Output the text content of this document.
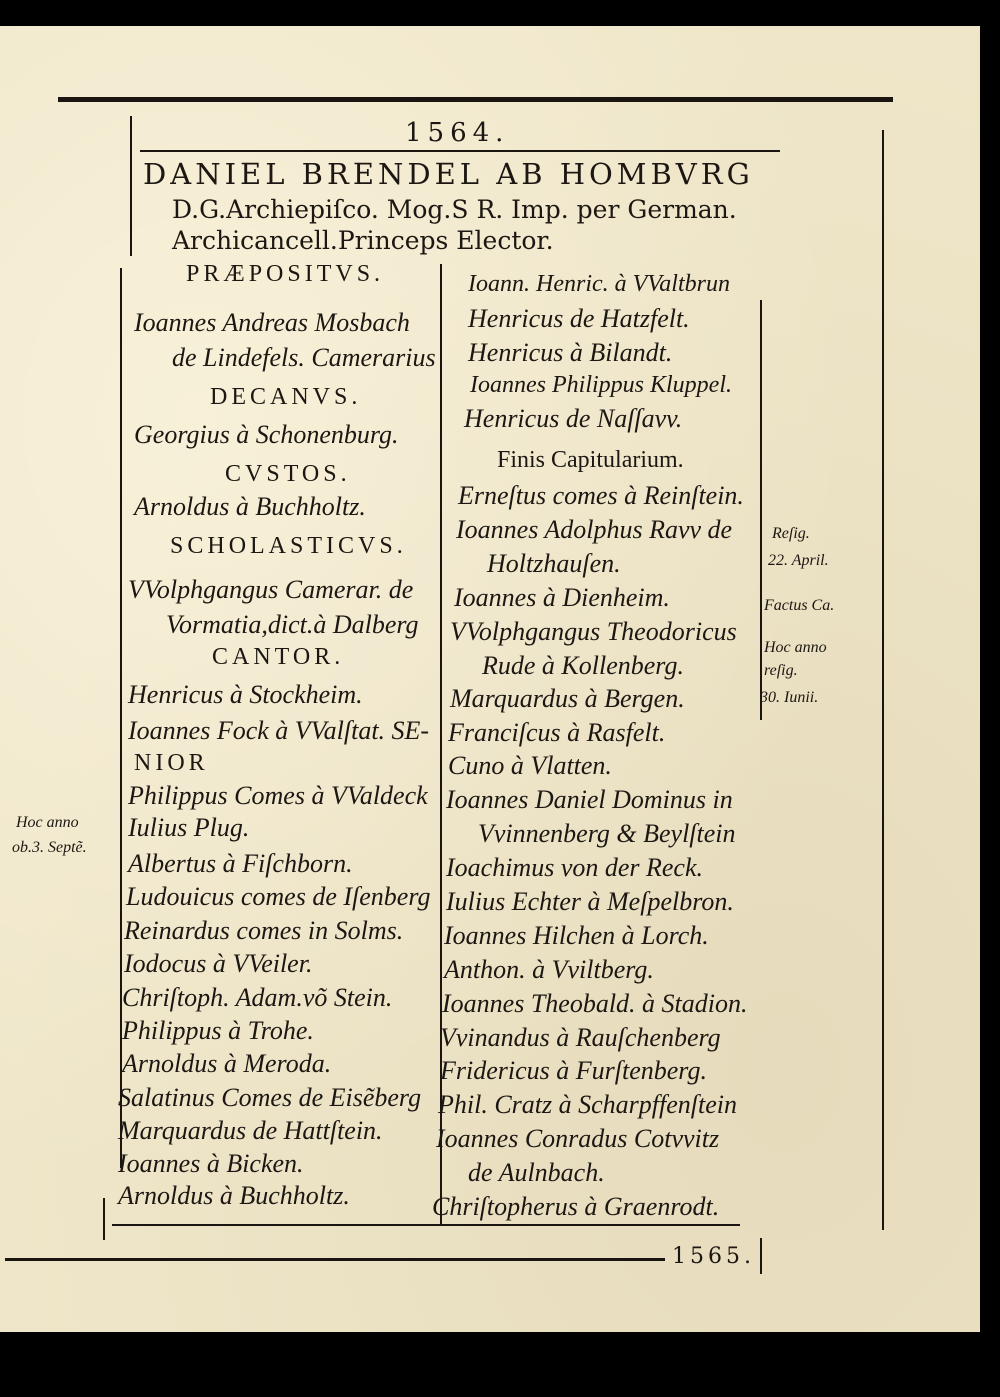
1564.
DANIEL BRENDEL AB HOMBVRG
D.G.Archiepiſco. Mog.S R. Imp. per German.
Archicancell.Princeps Elector.
PRÆPOSITVS.
Ioannes Andreas Mosbach
de Lindefels. Camerarius
DECANVS.
Georgius à Schonenburg.
CVSTOS.
Arnoldus à Buchholtz.
SCHOLASTICVS.
VVolphgangus Camerar. de
Vormatia,dict.à Dalberg
CANTOR.
Henricus à Stockheim.
Ioannes Fock à VValſtat. SE-
NIOR
Philippus Comes à VValdeck
Iulius Plug.
Albertus à Fiſchborn.
Ludouicus comes de Iſenberg
Reinardus comes in Solms.
Iodocus à VVeiler.
Chriſtoph. Adam.võ Stein.
Philippus à Trohe.
Arnoldus à Meroda.
Salatinus Comes de Eisẽberg
Marquardus de Hattſtein.
Ioannes à Bicken.
Arnoldus à Buchholtz.
Ioann. Henric. à VValtbrun
Henricus de Hatzfelt.
Henricus à Bilandt.
Ioannes Philippus Kluppel.
Henricus de Naſſavv.
Finis Capitularium.
Erneſtus comes à Reinſtein.
Ioannes Adolphus Ravv de
Holtzhauſen.
Ioannes à Dienheim.
VVolphgangus Theodoricus
Rude à Kollenberg.
Marquardus à Bergen.
Franciſcus à Rasfelt.
Cuno à Vlatten.
Ioannes Daniel Dominus in
Vvinnenberg & Beylſtein
Ioachimus von der Reck.
Iulius Echter à Meſpelbron.
Ioannes Hilchen à Lorch.
Anthon. à Vviltberg.
Ioannes Theobald. à Stadion.
Vvinandus à Rauſchenberg
Fridericus à Furſtenberg.
Phil. Cratz à Scharpffenſtein
Ioannes Conradus Cotvvitz
de Aulnbach.
Chriſtopherus à Graenrodt.
1565.
Hoc anno
ob.3. Septẽ.
Reſig.
22. April.
Factus Ca.
Hoc anno
reſig.
30. Iunii.
